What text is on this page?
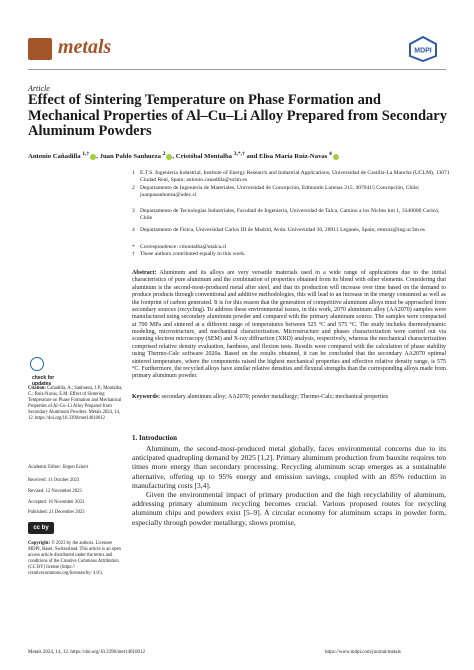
metals	MDPI
Article
Effect of Sintering Temperature on Phase Formation and Mechanical Properties of Al–Cu–Li Alloy Prepared from Secondary Aluminum Powders
Antonio Cañadilla $^{1,\dagger}$ , Juan Pablo Sanhueza $^2$ , Cristóbal Montalba $^{3,*,\dagger}$ and Elisa María Ruiz-Navas $^4$
1 E.T.S. Ingeniería Industrial, Institute of Energy Research and Industrial Applications, Universidad de Castilla-La Mancha (UCLM), 13071 Ciudad Real, Spain; antonio.canadilla@uclm.es
2 Departamento de Ingeniería de Materiales, Universidad de Concepción, Edmundo Larenas 315, 4070415 Concepción, Chile; juanpasanhueza@udec.cl
3 Departamento de Tecnologías Industriales, Facultad de Ingeniería, Universidad de Talca, Camino a los Niches km 1, 3340000 Curicó, Chile
4 Departamento de Física, Universidad Carlos III de Madrid, Avda. Universidad 30, 28911 Leganés, Spain; emruiz@ing.uc3m.es
* Correspondence: cmontalba@utalca.cl
† These authors contributed equally to this work.
Abstract: Aluminum and its alloys are very versatile materials used in a wide range of applications due to the initial characteristics of pure aluminum and the combination of properties obtained from its blend with other elements. Considering that aluminum is the second-most-produced metal after steel, and that its production will increase over time based on the demand to produce products through conventional and additive methodologies, this will lead to an increase in the energy consumed as well as the footprint of carbon generated. It is for this reason that the generation of competitive aluminum alloys must be approached from secondary sources (recycling). To address these environmental issues, in this work, 2070 aluminum alloy (AA2070) samples were manufactured using secondary aluminum powder and compared with the primary aluminum source. The samples were compacted at 700 MPa and sintered at a different range of temperatures between 525 °C and 575 °C. The study includes thermodynamic modeling, microstructure, and mechanical characterization. Microstructure and phases characterization were carried out via scanning electron microscopy (SEM) and X-ray diffraction (XRD) analysis, respectively, whereas the mechanical characterization comprised relative density evaluation, hardness, and flexion tests. Results were compared with the calculation of phase stability using Thermo-Calc software 2020a. Based on the results obtained, it can be concluded that the secondary AA2070 optimal sintered temperature, where the components raised the highest mechanical properties and effective relative density range, is 575 °C. Furthermore, the recycled alloys have similar relative densities and flexural strengths than the corresponding alloys made from primary aluminum powder.
Keywords: secondary aluminum alloy; AA2070; powder metallurgy; Thermo-Calc; mechanical properties
check for updates
Citation: Cañadilla, A.; Sanhueza, J.P.; Montalba, C.; Ruiz-Navas, E.M. Effect of Sintering Temperature on Phase Formation and Mechanical Properties of Al–Cu–Li Alloy Prepared from Secondary Aluminum Powders. Metals 2024, 14, 12. https://doi.org/10.3390/met14010012
Academic Editor: Jürgen Eckert
Received: 11 October 2023
Revised: 12 November 2023
Accepted: 16 November 2023
Published: 21 December 2023
cc by
Copyright: © 2023 by the authors. Licensee MDPI, Basel, Switzerland. This article is an open access article distributed under the terms and conditions of the Creative Commons Attribution (CC BY) license (https:// creativecommons.org/licenses/by/ 4.0/).
1. Introduction
Aluminum, the second-most-produced metal globally, faces environmental concerns due to its anticipated quadrupling demand by 2025 [1,2]. Primary aluminum production from bauxite requires ten times more energy than secondary processing. Recycling aluminum scrap emerges as a sustainable alternative, offering up to 95% energy and emission savings, coupled with an 85% reduction in manufacturing costs [3,4].
Given the environmental impact of primary production and the high recyclability of aluminum, addressing primary aluminum recycling becomes crucial. Various proposed routes for recycling aluminum chips and powders exist [5–9]. A circular economy for aluminum scraps in powder form, especially through powder metallurgy, shows promise,
Metals 2024, 14, 12. https://doi.org/10.3390/met14010012	https://www.mdpi.com/journal/metals
